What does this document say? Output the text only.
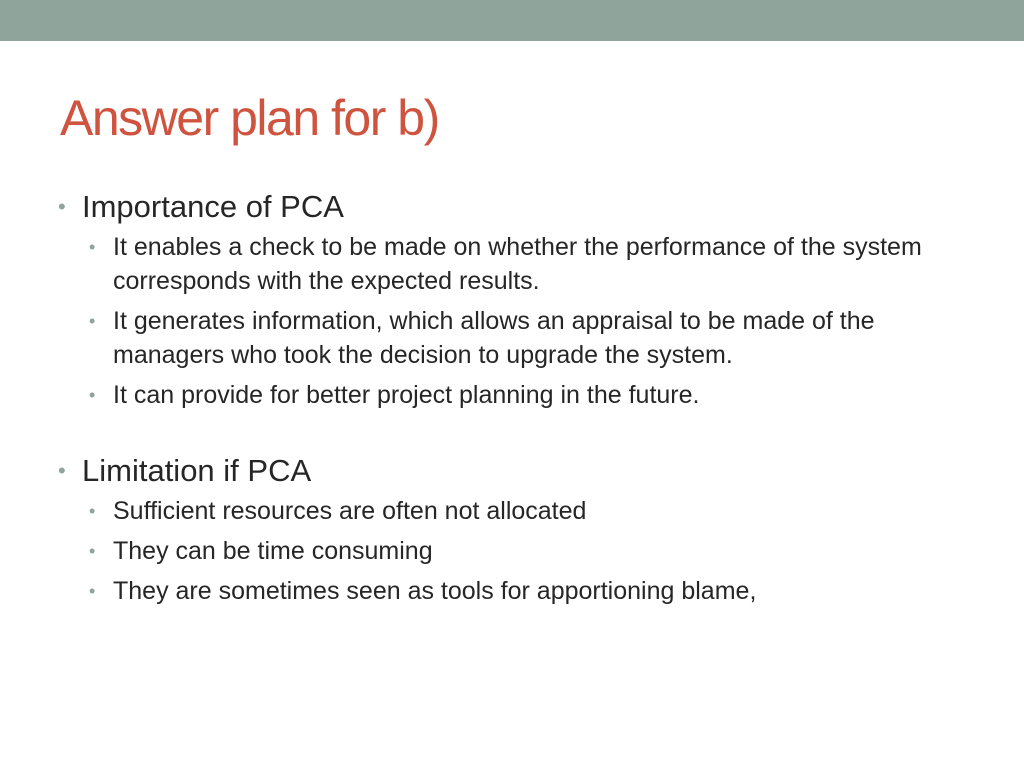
Answer plan for b)
• Importance of PCA
• It enables a check to be made on whether the performance of the system corresponds with the expected results.
• It generates information, which allows an appraisal to be made of the managers who took the decision to upgrade the system.
• It can provide for better project planning in the future.
• Limitation if PCA
• Sufficient resources are often not allocated
• They can be time consuming
• They are sometimes seen as tools for apportioning blame,
